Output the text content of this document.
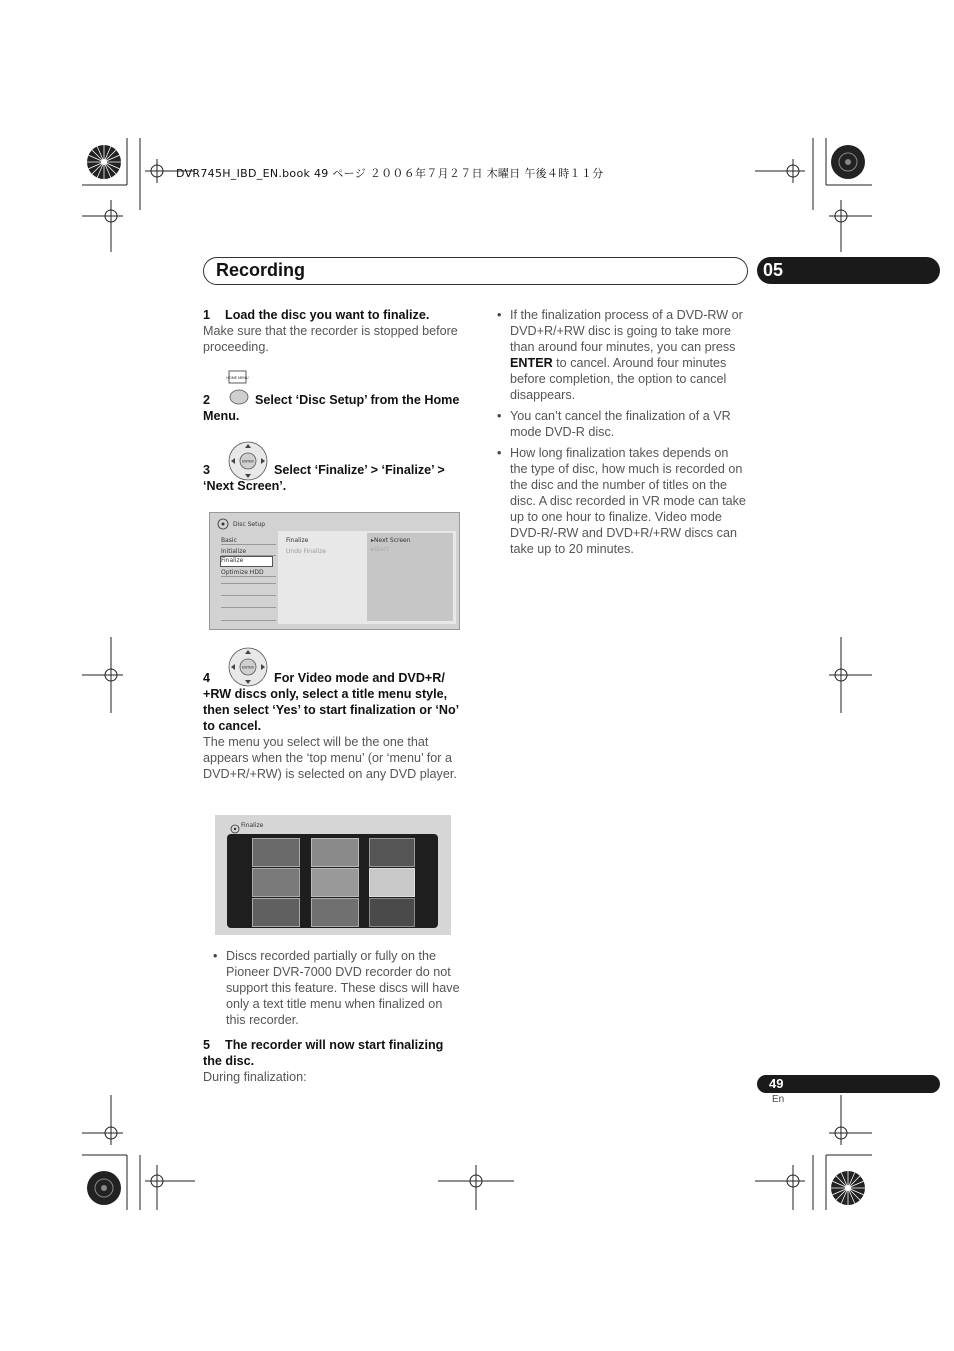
DVR745H_IBD_EN.book 49 ページ ２００６年７月２７日 木曜日 午後４時１１分
Recording	05
1 Load the disc you want to finalize.
Make sure that the recorder is stopped before proceeding.
HOME MENU
2	Select ‘Disc Setup’ from the Home Menu.
ENTER
3	Select ‘Finalize’ > ‘Finalize’ > ‘Next Screen’.
Disc Setup
Basic
Initialize
Finalize
Optimize HDD
Finalize
Undo Finalize
▸Next Screen
▸Start
ENTER
4	For Video mode and DVD+R/ +RW discs only, select a title menu style, then select ‘Yes’ to start finalization or ‘No’ to cancel.
The menu you select will be the one that appears when the ‘top menu’ (or ‘menu’ for a DVD+R/+RW) is selected on any DVD player.
Finalize
• Discs recorded partially or fully on the Pioneer DVR-7000 DVD recorder do not support this feature. These discs will have only a text title menu when finalized on this recorder.
5 The recorder will now start finalizing the disc.
During finalization:
• If the finalization process of a DVD-RW or DVD+R/+RW disc is going to take more than around four minutes, you can press ENTER to cancel. Around four minutes before completion, the option to cancel disappears.
• You can’t cancel the finalization of a VR mode DVD-R disc.
• How long finalization takes depends on the type of disc, how much is recorded on the disc and the number of titles on the disc. A disc recorded in VR mode can take up to one hour to finalize. Video mode DVD-R/-RW and DVD+R/+RW discs can take up to 20 minutes.
49
En
